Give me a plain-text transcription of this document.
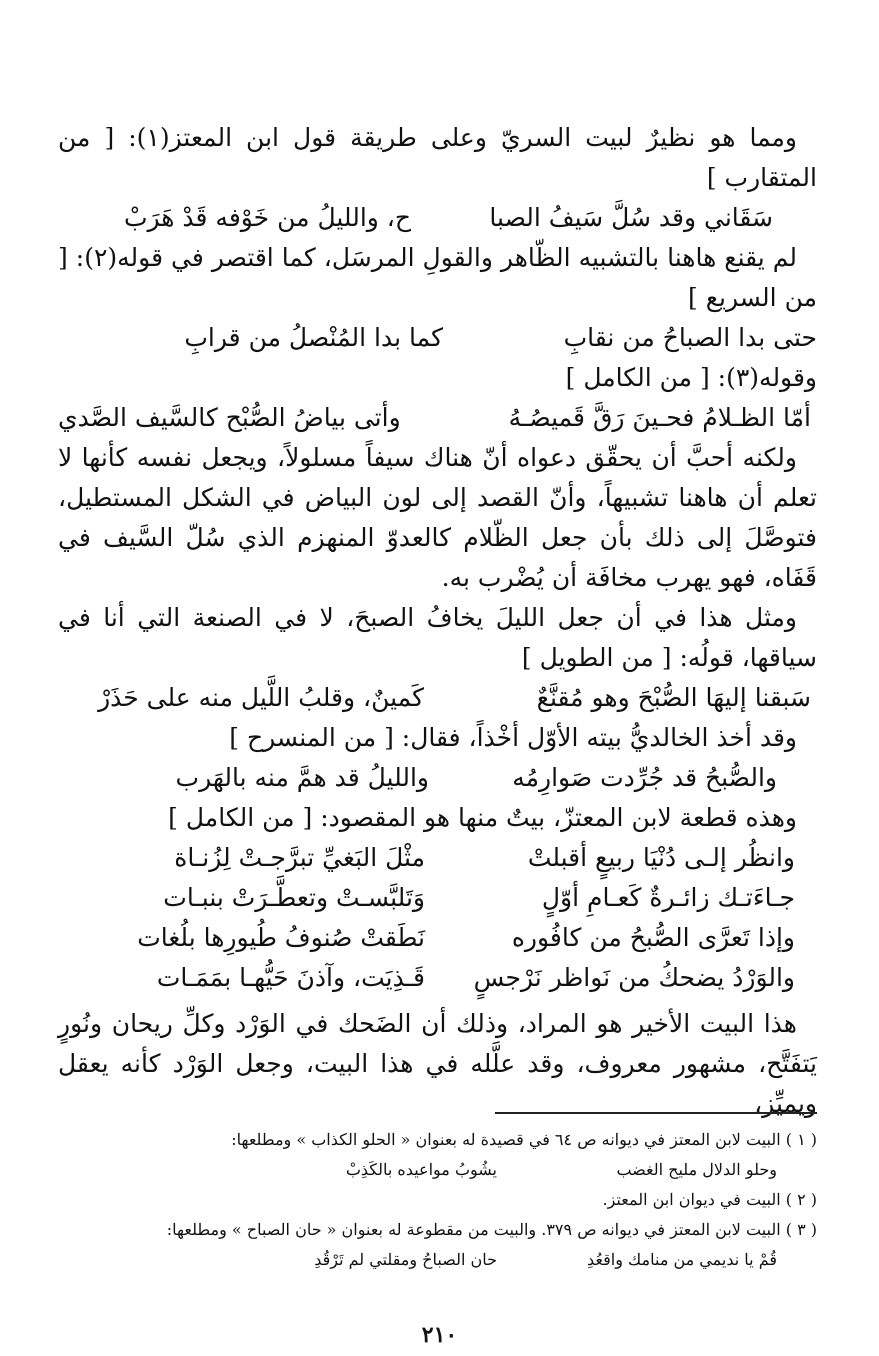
ومما هو نظيرٌ لبيت السريّ وعلى طريقة قول ابن المعتز(١): [ من المتقارب ]

سَقَاني وقد سُلَّ سَيفُ الصبا
ح، والليلُ من خَوْفه قَدْ هَرَبْ

لم يقنع هاهنا بالتشبيه الظّاهر والقولِ المرسَل، كما اقتصر في قوله(٢): [ من السريع ]

حتى بدا الصباحُ من نقابِ
كما بدا المُنْصلُ من قرابِ

وقوله(٣): [ من الكامل ]

أمّا الظـلامُ فحـينَ رَقَّ قَميصُـهُ
وأتى بياضُ الصُّبْح كالسَّيف الصَّدي

ولكنه أحبَّ أن يحقّق دعواه أنّ هناك سيفاً مسلولاً، ويجعل نفسه كأنها لا تعلم أن هاهنا تشبيهاً، وأنّ القصد إلى لون البياض في الشكل المستطيل، فتوصَّلَ إلى ذلك بأن جعل الظّلام كالعدوّ المنهزم الذي سُلّ السَّيف في قَفَاه، فهو يهرب مخافَة أن يُضْرب به.

ومثل هذا في أن جعل الليلَ يخافُ الصبحَ، لا في الصنعة التي أنا في سياقها، قولُه: [ من الطويل ]

سَبقنا إليهَا الصُّبْحَ وهو مُقنَّعٌ
كَمينٌ، وقلبُ اللَّيل منه على حَذَرْ

وقد أخذ الخالديُّ بيته الأوّل أخْذاً، فقال: [ من المنسرح ]

والصُّبحُ قد جُرِّدت صَوارِمُه
والليلُ قد همَّ منه بالهَرب

وهذه قطعة لابن المعتزّ، بيتٌ منها هو المقصود: [ من الكامل ]

وانظُر إلـى دُنْيَا ربيعٍ أقبلتْ
مثْلَ البَغيِّ تبرَّجـتْ لِزُنـاة
جـاءَتـك زائـرةٌ كَعـامِ أوّلٍ
وَتَلبَّسـتْ وتعطَّـرَتْ بنبـات
وإذا تَعرَّى الصُّبحُ من كافُوره
نَطَقتْ صُنوفُ طُيورِها بلُغات
والوَرْدُ يضحكُ من نَواظر نَرْجسٍ
قَـذِيَت، وآذنَ حَيُّهـا بمَمَـات

هذا البيت الأخير هو المراد، وذلك أن الضَحك في الوَرْد وكلِّ ريحان ونُورٍ يَتفَتَّح، مشهور معروف، وقد علَّله في هذا البيت، وجعل الوَرْد كأنه يعقل ويميِّز،

( ١ ) البيت لابن المعتز في ديوانه ص ٦٤ في قصيدة له بعنوان « الحلو الكذاب » ومطلعها:

وحلو الدلال مليح الغضب
يشُوبُ مواعيده بالكَذِبْ

( ٢ ) البيت في ديوان ابن المعتز.

( ٣ ) البيت لابن المعتز في ديوانه ص ٣٧٩. والبيت من مقطوعة له بعنوان « حان الصباح » ومطلعها:

قُمْ يا نديمي من منامك واقعُدِ
حان الصباحُ ومقلتي لم تَرْقُدِ
٢١٠
